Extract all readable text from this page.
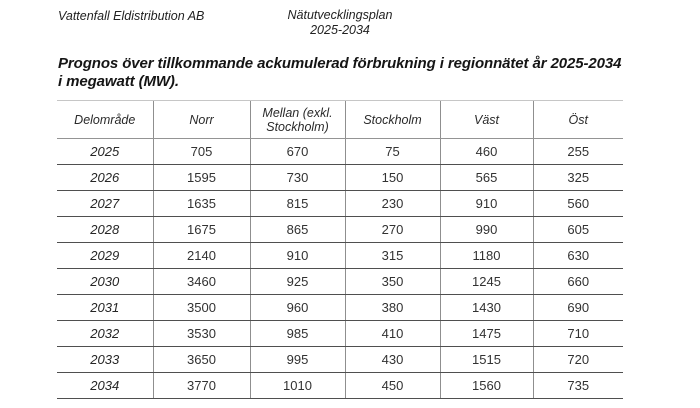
Vattenfall Eldistribution AB	Nätutvecklingsplan
2025-2034
Prognos över tillkommande ackumulerad förbrukning i regionnätet år 2025-2034
i megawatt (MW).
Delområde	Norr	Mellan (exkl. Stockholm)	Stockholm	Väst	Öst
2025	705	670	75	460	255
2026	1595	730	150	565	325
2027	1635	815	230	910	560
2028	1675	865	270	990	605
2029	2140	910	315	1180	630
2030	3460	925	350	1245	660
2031	3500	960	380	1430	690
2032	3530	985	410	1475	710
2033	3650	995	430	1515	720
2034	3770	1010	450	1560	735
